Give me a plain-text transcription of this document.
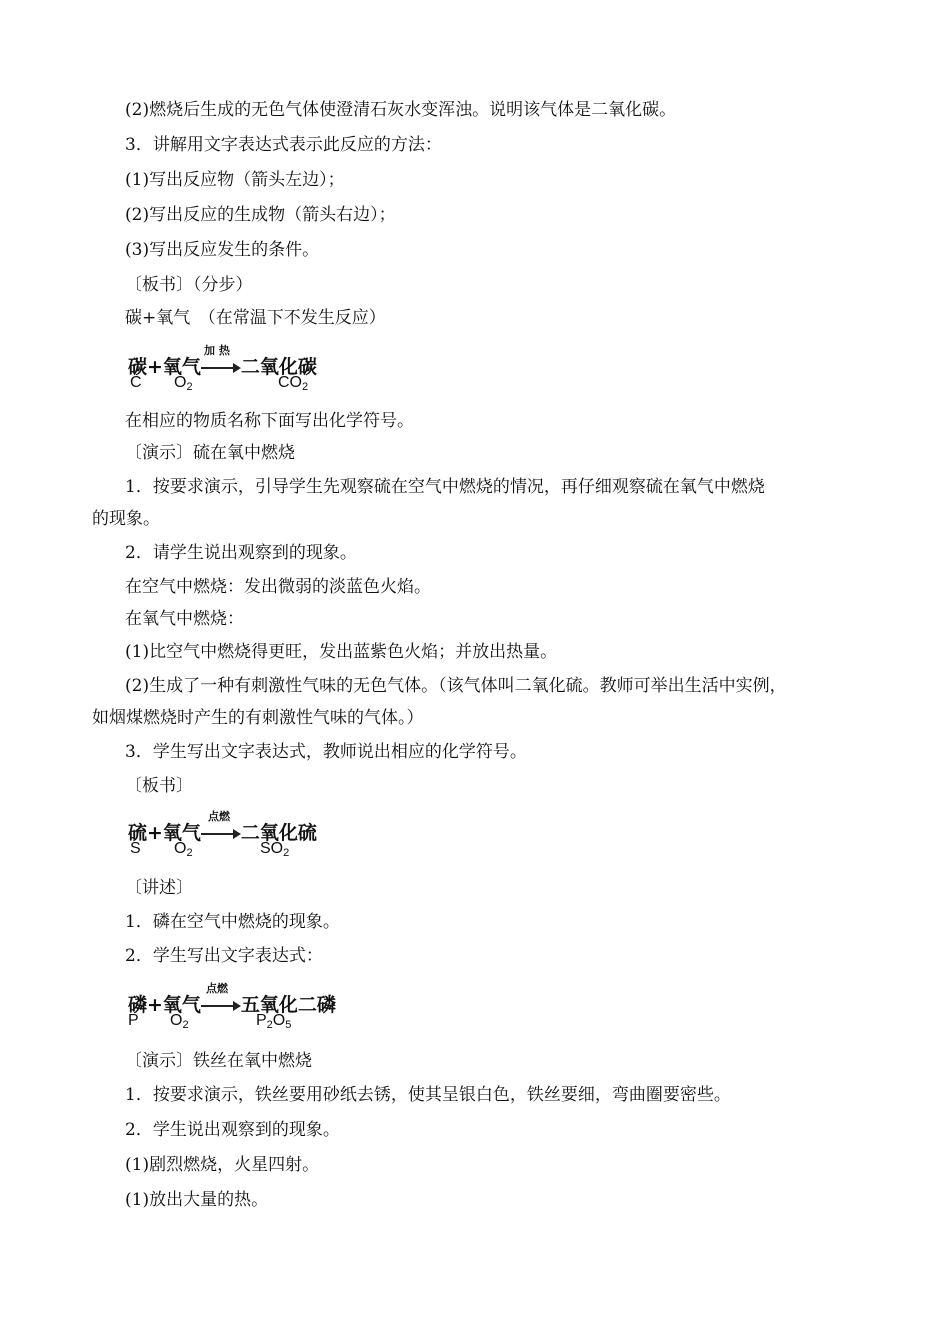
(2)燃烧后生成的无色气体使澄清石灰水变浑浊。说明该气体是二氧化碳。
3．讲解用文字表达式表示此反应的方法：
(1)写出反应物（箭头左边）；
(2)写出反应的生成物（箭头右边）；
(3)写出反应发生的条件。
〔板书〕（分步）
碳+氧气　（在常温下不发生反应）
碳+氧气 二氧化碳
加 热
C $O_2$	$CO_2$
在相应的物质名称下面写出化学符号。
〔演示〕硫在氧中燃烧
1．按要求演示，引导学生先观察硫在空气中燃烧的情况，再仔细观察硫在氧气中燃烧
的现象。
2．请学生说出观察到的现象。
在空气中燃烧：发出微弱的淡蓝色火焰。
在氧气中燃烧：
(1)比空气中燃烧得更旺，发出蓝紫色火焰；并放出热量。
(2)生成了一种有刺激性气味的无色气体。（该气体叫二氧化硫。教师可举出生活中实例，
如烟煤燃烧时产生的有刺激性气味的气体。）
3．学生写出文字表达式，教师说出相应的化学符号。
〔板书〕
硫+氧气 二氧化硫
点燃
S $O_2$	$SO_2$
〔讲述〕
1．磷在空气中燃烧的现象。
2．学生写出文字表达式：
磷+氧气 五氧化二磷
点燃
P $O_2$	$P_2O_5$
〔演示〕铁丝在氧中燃烧
1．按要求演示，铁丝要用砂纸去锈，使其呈银白色，铁丝要细，弯曲圈要密些。
2．学生说出观察到的现象。
(1)剧烈燃烧，火星四射。
(1)放出大量的热。
